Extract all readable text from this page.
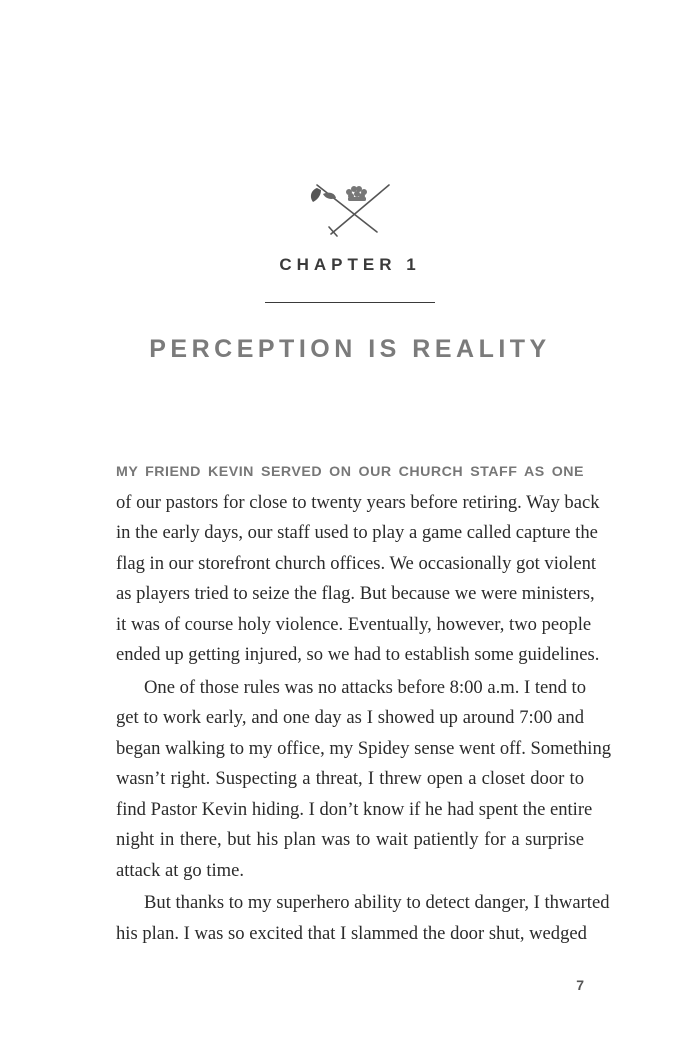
CHAPTER 1
PERCEPTION IS REALITY
MY FRIEND KEVIN SERVED ON OUR CHURCH STAFF AS ONE
of our pastors for close to twenty years before retiring. Way back
in the early days, our staff used to play a game called capture the
flag in our storefront church offices. We occasionally got violent
as players tried to seize the flag. But because we were ministers,
it was of course holy violence. Eventually, however, two people
ended up getting injured, so we had to establish some guidelines.
One of those rules was no attacks before 8:00 a.m. I tend to
get to work early, and one day as I showed up around 7:00 and
began walking to my office, my Spidey sense went off. Something
wasn’t right. Suspecting a threat, I threw open a closet door to
find Pastor Kevin hiding. I don’t know if he had spent the entire
night in there, but his plan was to wait patiently for a surprise
attack at go time.
But thanks to my superhero ability to detect danger, I thwarted
his plan. I was so excited that I slammed the door shut, wedged
7
